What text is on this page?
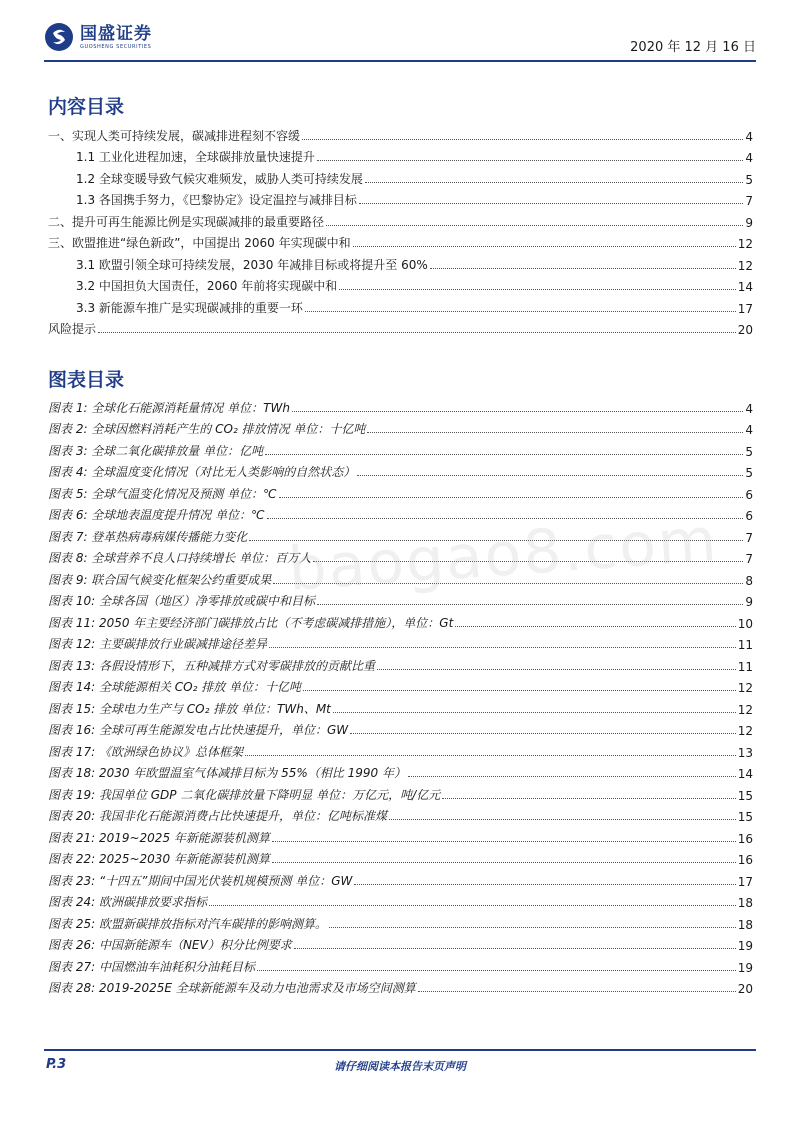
国盛证券
GUOSHENG SECURITIES	2020 年 12 月 16 日
内容目录
一、实现人类可持续发展，碳减排进程刻不容缓	4
1.1 工业化进程加速，全球碳排放量快速提升	4
1.2 全球变暖导致气候灾难频发，威胁人类可持续发展	5
1.3 各国携手努力，《巴黎协定》设定温控与减排目标	7
二、提升可再生能源比例是实现碳减排的最重要路径	9
三、欧盟推进“绿色新政”，中国提出 2060 年实现碳中和	12
3.1 欧盟引领全球可持续发展，2030 年减排目标或将提升至 60%	12
3.2 中国担负大国责任，2060 年前将实现碳中和	14
3.3 新能源车推广是实现碳减排的重要一环	17
风险提示	20
图表目录
图表 1: 全球化石能源消耗量情况 单位：TWh	4
图表 2: 全球因燃料消耗产生的 CO₂ 排放情况 单位：十亿吨	4
图表 3: 全球二氧化碳排放量 单位：亿吨	5
图表 4: 全球温度变化情况（对比无人类影响的自然状态）	5
图表 5: 全球气温变化情况及预测 单位：℃	6
图表 6: 全球地表温度提升情况 单位：℃	6
图表 7: 登革热病毒病媒传播能力变化	7
图表 8: 全球营养不良人口持续增长 单位：百万人	7
图表 9: 联合国气候变化框架公约重要成果	8
图表 10: 全球各国（地区）净零排放或碳中和目标	9
图表 11: 2050 年主要经济部门碳排放占比（不考虑碳减排措施），单位：Gt	10
图表 12: 主要碳排放行业碳减排途径差异	11
图表 13: 各假设情形下，五种减排方式对零碳排放的贡献比重	11
图表 14: 全球能源相关 CO₂ 排放 单位：十亿吨	12
图表 15: 全球电力生产与 CO₂ 排放 单位：TWh、Mt	12
图表 16: 全球可再生能源发电占比快速提升，单位：GW	12
图表 17: 《欧洲绿色协议》总体框架	13
图表 18: 2030 年欧盟温室气体减排目标为 55%（相比 1990 年）	14
图表 19: 我国单位 GDP 二氧化碳排放量下降明显 单位：万亿元，吨/亿元	15
图表 20: 我国非化石能源消费占比快速提升，单位：亿吨标准煤	15
图表 21: 2019~2025 年新能源装机测算	16
图表 22: 2025~2030 年新能源装机测算	16
图表 23: “十四五”期间中国光伏装机规模预测 单位：GW	17
图表 24: 欧洲碳排放要求指标	18
图表 25: 欧盟新碳排放指标对汽车碳排的影响测算。	18
图表 26: 中国新能源车（NEV）积分比例要求	19
图表 27: 中国燃油车油耗积分油耗目标	19
图表 28: 2019-2025E 全球新能源车及动力电池需求及市场空间测算	20
baogao8.com
P.3	请仔细阅读本报告末页声明
